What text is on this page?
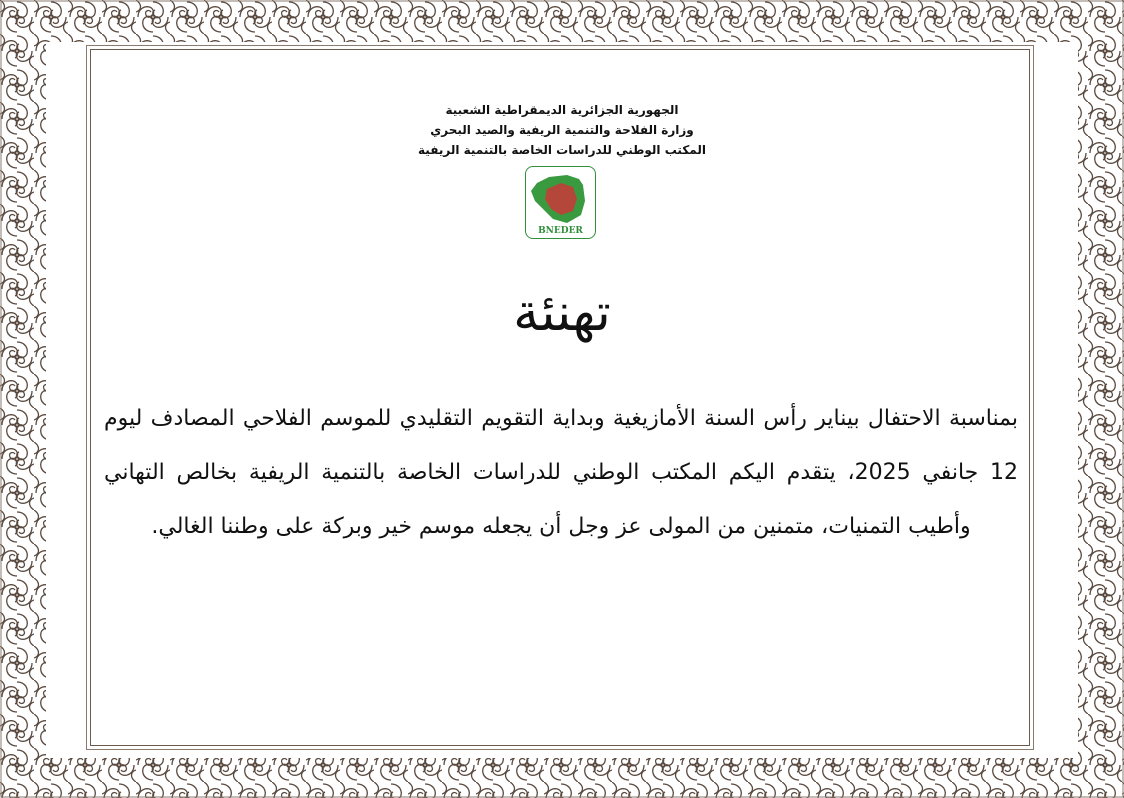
الجهورية الجزائرية الديمقراطية الشعبية
وزارة الفلاحة والتنمية الريفية والصيد البحري
المكتب الوطني للدراسات الخاصة بالتنمية الريفية
BNEDER
تهنئة
بمناسبة الاحتفال بيناير رأس السنة الأمازيغية وبداية التقويم التقليدي للموسم الفلاحي المصادف ليوم 12 جانفي 2025، يتقدم اليكم المكتب الوطني للدراسات الخاصة بالتنمية الريفية بخالص التهاني وأطيب التمنيات، متمنين من المولى عز وجل أن يجعله موسم خير وبركة على وطننا الغالي.
